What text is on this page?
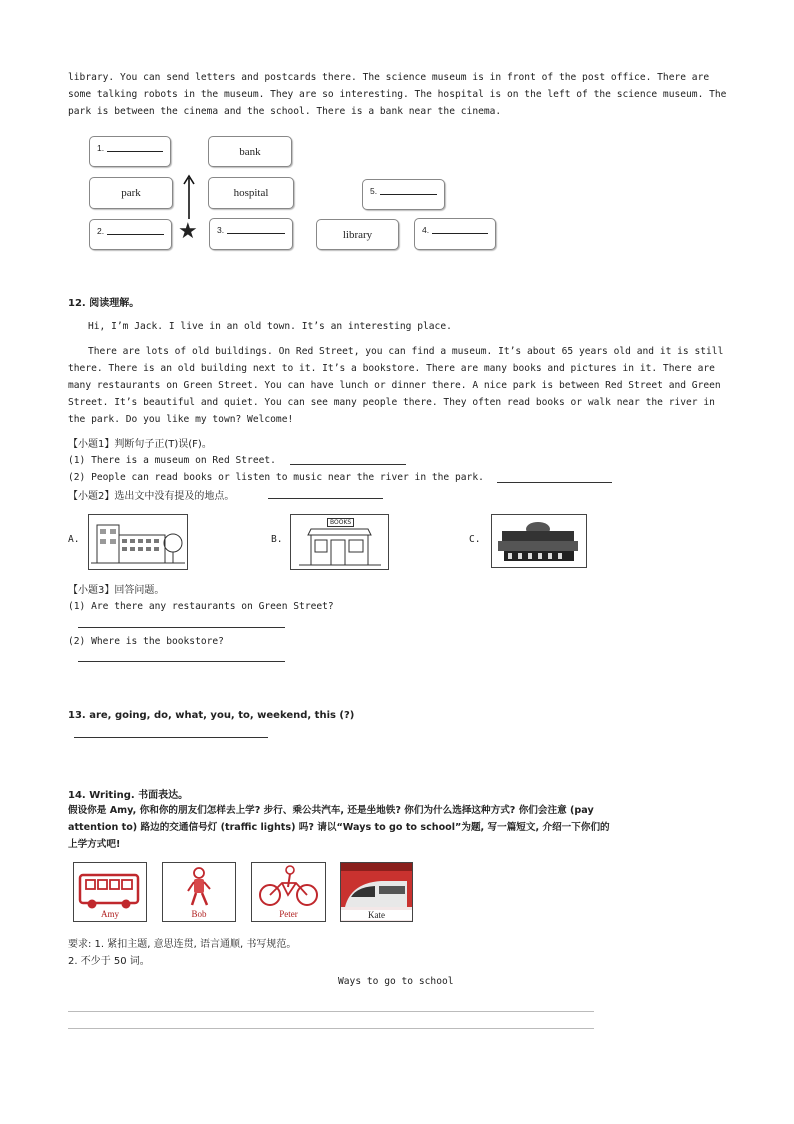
library. You can send letters and postcards there. The science museum is in front of the post office. There are
some talking robots in the museum. They are so interesting. The hospital is on the left of the science museum. The
park is between the cinema and the school. There is a bank near the cinema.
1.	bank
park	hospital	5.
2.	★ 3.	library	4.
12. 阅读理解。
Hi, I’m Jack. I live in an old town. It’s an interesting place.
There are lots of old buildings. On Red Street, you can find a museum. It’s about 65 years old and it is still
there. There is an old building next to it. It’s a bookstore. There are many books and pictures in it. There are
many restaurants on Green Street. You can have lunch or dinner there. A nice park is between Red Street and Green
Street. It’s beautiful and quiet. You can see many people there. They often read books or walk near the river in
the park. Do you like my town? Welcome!
【小题1】判断句子正(T)误(F)。
(1) There is a museum on Red Street.
(2) People can read books or listen to music near the river in the park.
【小题2】选出文中没有提及的地点。
A.	B.
BOOKS
C.
【小题3】回答问题。
(1) Are there any restaurants on Green Street?
(2) Where is the bookstore?
13. are, going, do, what, you, to, weekend, this (?)
14. Writing. 书面表达。
假设你是 Amy, 你和你的朋友们怎样去上学? 步行、乘公共汽车, 还是坐地铁? 你们为什么选择这种方式? 你们会注意 (pay
attention to) 路边的交通信号灯 (traffic lights) 吗? 请以“Ways to go to school”为题, 写一篇短文, 介绍一下你们的
上学方式吧!
Amy	Bob	Peter	Kate
要求: 1. 紧扣主题, 意思连贯, 语言通顺, 书写规范。
2. 不少于 50 词。
Ways to go to school
